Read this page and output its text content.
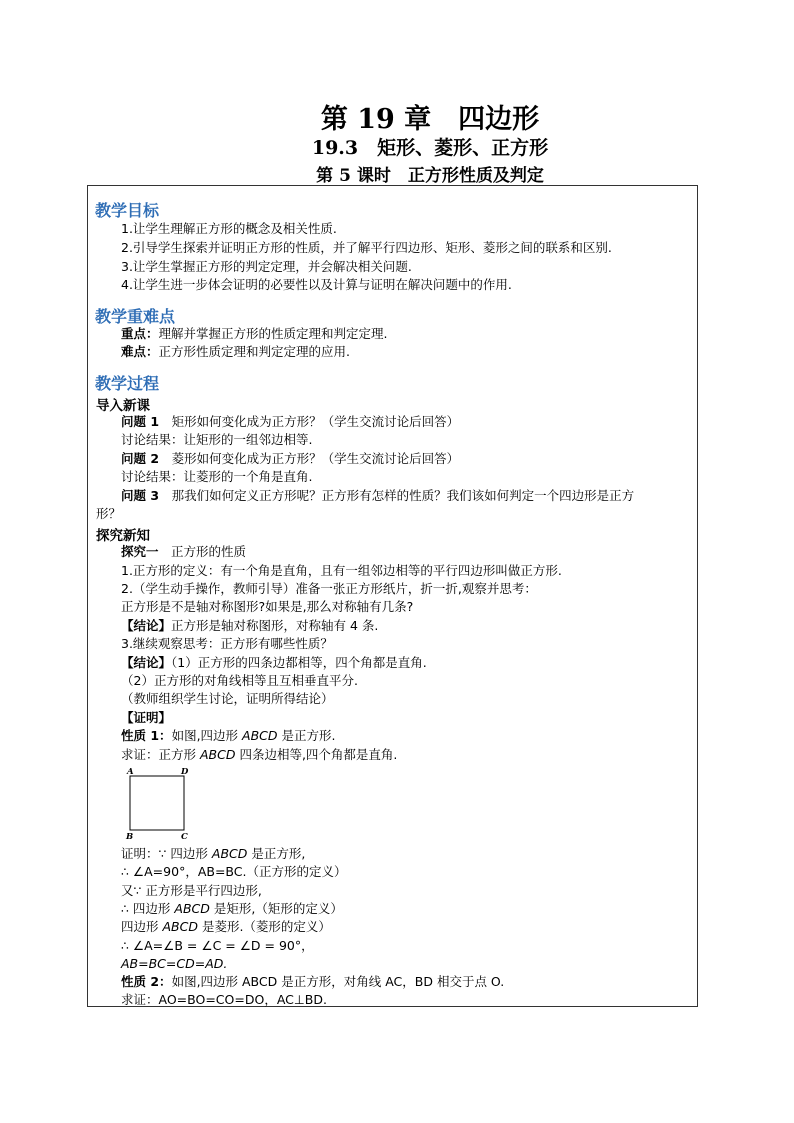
第 19 章　四边形
19.3　矩形、菱形、正方形
第 5 课时　正方形性质及判定
教学目标
1.让学生理解正方形的概念及相关性质.
2.引导学生探索并证明正方形的性质，并了解平行四边形、矩形、菱形之间的联系和区别.
3.让学生掌握正方形的判定定理，并会解决相关问题.
4.让学生进一步体会证明的必要性以及计算与证明在解决问题中的作用.
教学重难点
重点：理解并掌握正方形的性质定理和判定定理.
难点：正方形性质定理和判定定理的应用.
教学过程
导入新课
问题 1　矩形如何变化成为正方形？（学生交流讨论后回答）
讨论结果：让矩形的一组邻边相等.
问题 2　菱形如何变化成为正方形？（学生交流讨论后回答）
讨论结果：让菱形的一个角是直角.
问题 3　那我们如何定义正方形呢？正方形有怎样的性质？我们该如何判定一个四边形是正方
形？
探究新知
探究一　正方形的性质
1.正方形的定义：有一个角是直角，且有一组邻边相等的平行四边形叫做正方形.
2.（学生动手操作，教师引导）准备一张正方形纸片，折一折,观察并思考：
正方形是不是轴对称图形?如果是,那么对称轴有几条?
【结论】正方形是轴对称图形，对称轴有 4 条.
3.继续观察思考：正方形有哪些性质？
【结论】（1）正方形的四条边都相等，四个角都是直角.
（2）正方形的对角线相等且互相垂直平分.
（教师组织学生讨论，证明所得结论）
【证明】
性质 1：如图,四边形 ABCD 是正方形.
求证：正方形 ABCD 四条边相等,四个角都是直角.
A	D
B	C
证明：∵ 四边形 ABCD 是正方形,
∴ ∠A=90°，AB=BC.（正方形的定义）
又∵ 正方形是平行四边形,
∴ 四边形 ABCD 是矩形,（矩形的定义）
四边形 ABCD 是菱形.（菱形的定义）
∴ ∠A=∠B = ∠C = ∠D = 90°，
AB=BC=CD=AD.
性质 2：如图,四边形 ABCD 是正方形，对角线 AC，BD 相交于点 O.
求证：AO=BO=CO=DO，AC⊥BD.
